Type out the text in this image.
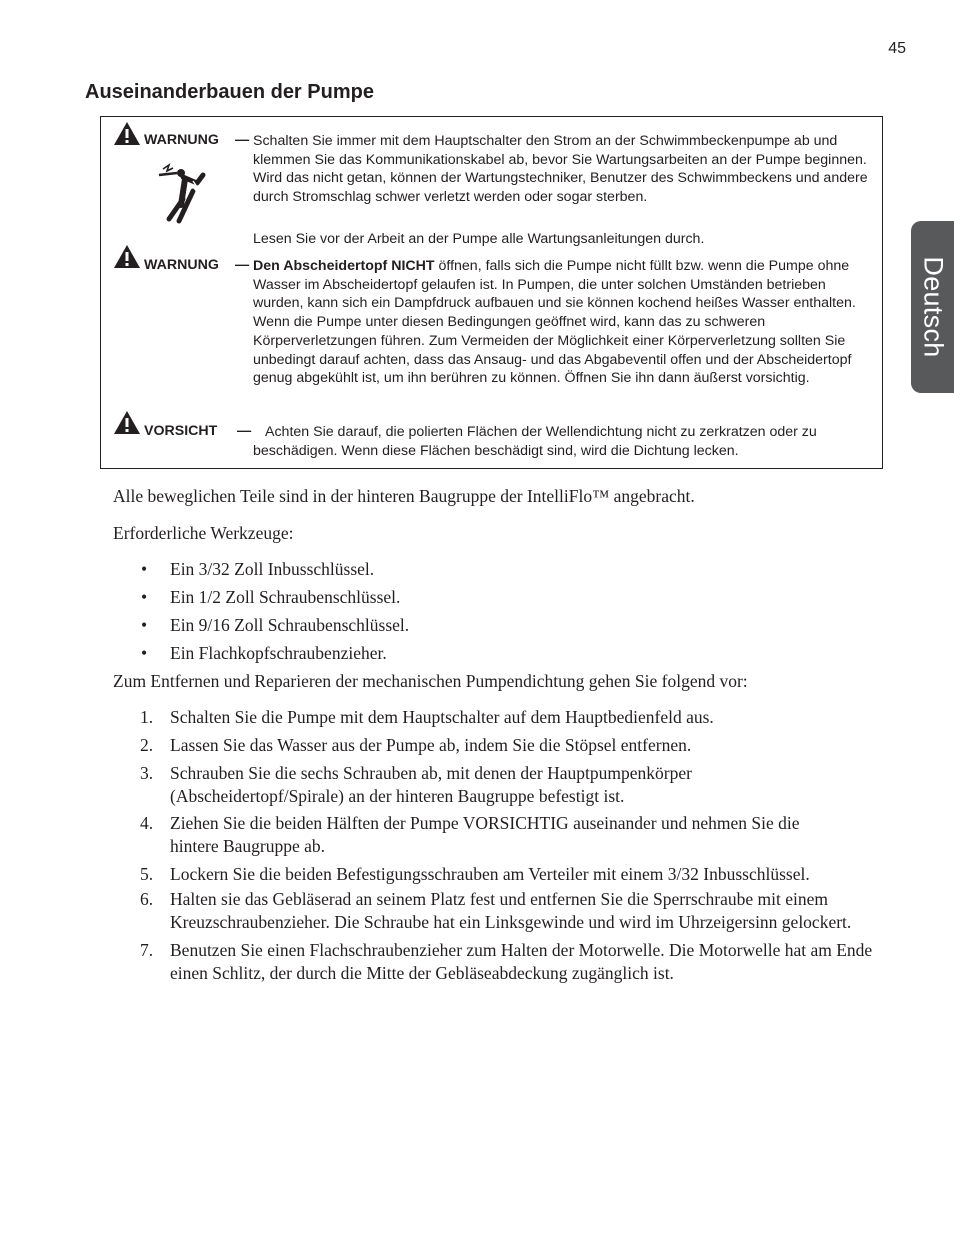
45
Deutsch
Auseinanderbauen der Pumpe
WARNUNG — Schalten Sie immer mit dem Hauptschalter den Strom an der Schwimmbeckenpumpe ab und klemmen Sie das Kommunikationskabel ab, bevor Sie Wartungsarbeiten an der Pumpe beginnen. Wird das nicht getan, können der Wartungstechniker, Benutzer des Schwimmbeckens und andere durch Stromschlag schwer verletzt werden oder sogar sterben.
Lesen Sie vor der Arbeit an der Pumpe alle Wartungsanleitungen durch.
WARNUNG — Den Abscheidertopf NICHT öffnen, falls sich die Pumpe nicht füllt bzw. wenn die Pumpe ohne Wasser im Abscheidertopf gelaufen ist. In Pumpen, die unter solchen Umständen betrieben wurden, kann sich ein Dampfdruck aufbauen und sie können kochend heißes Wasser enthalten. Wenn die Pumpe unter diesen Bedingungen geöffnet wird, kann das zu schweren Körperverletzungen führen. Zum Vermeiden der Möglichkeit einer Körperverletzung sollten Sie unbedingt darauf achten, dass das Ansaug- und das Abgabeventil offen und der Abscheidertopf genug abgekühlt ist, um ihn berühren zu können. Öffnen Sie ihn dann äußerst vorsichtig.
VORSICHT — Achten Sie darauf, die polierten Flächen der Wellendichtung nicht zu zerkratzen oder zu beschädigen. Wenn diese Flächen beschädigt sind, wird die Dichtung lecken.
Alle beweglichen Teile sind in der hinteren Baugruppe der IntelliFlo™ angebracht.
Erforderliche Werkzeuge:
• Ein 3/32 Zoll Inbusschlüssel.
• Ein 1/2 Zoll Schraubenschlüssel.
• Ein 9/16 Zoll Schraubenschlüssel.
• Ein Flachkopfschraubenzieher.
Zum Entfernen und Reparieren der mechanischen Pumpendichtung gehen Sie folgend vor:
1. Schalten Sie die Pumpe mit dem Hauptschalter auf dem Hauptbedienfeld aus.
2. Lassen Sie das Wasser aus der Pumpe ab, indem Sie die Stöpsel entfernen.
3. Schrauben Sie die sechs Schrauben ab, mit denen der Hauptpumpenkörper (Abscheidertopf/Spirale) an der hinteren Baugruppe befestigt ist.
4. Ziehen Sie die beiden Hälften der Pumpe VORSICHTIG auseinander und nehmen Sie die hintere Baugruppe ab.
5. Lockern Sie die beiden Befestigungsschrauben am Verteiler mit einem 3/32 Inbusschlüssel.
6. Halten sie das Gebläserad an seinem Platz fest und entfernen Sie die Sperrschraube mit einem Kreuzschraubenzieher. Die Schraube hat ein Linksgewinde und wird im Uhrzeigersinn gelockert.
7. Benutzen Sie einen Flachschraubenzieher zum Halten der Motorwelle. Die Motorwelle hat am Ende einen Schlitz, der durch die Mitte der Gebläseabdeckung zugänglich ist.
